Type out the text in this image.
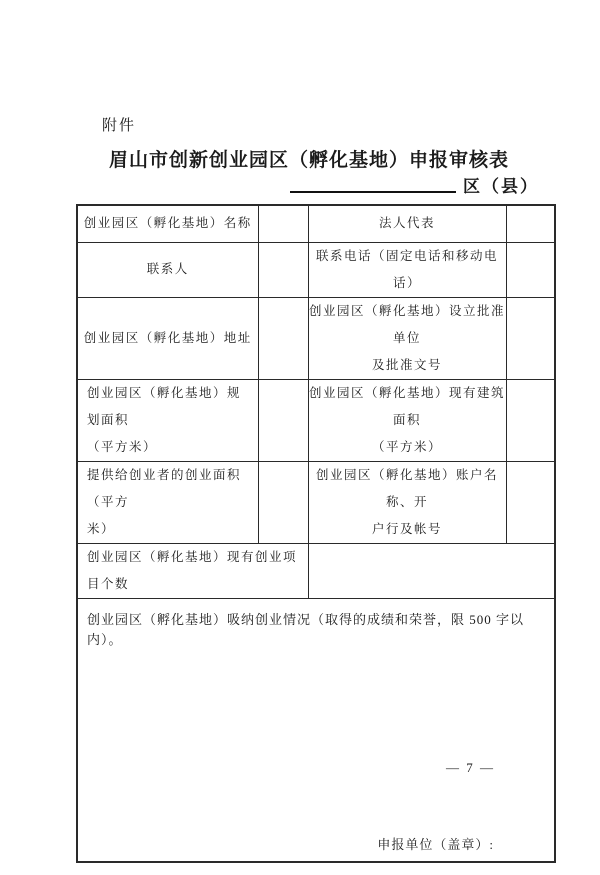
附件
眉山市创新创业园区（孵化基地）申报审核表
区（县）
创业园区（孵化基地）名称		法人代表	
联系人		联系电话（固定电话和移动电话）	
创业园区（孵化基地）地址		创业园区（孵化基地）设立批准单位
及批准文号	
创业园区（孵化基地）规划面积
（平方米）		创业园区（孵化基地）现有建筑面积
（平方米）	
提供给创业者的创业面积（平方
米）		创业园区（孵化基地）账户名称、开
户行及帐号	
创业园区（孵化基地）现有创业项目个数			

创业园区（孵化基地）吸纳创业情况（取得的成绩和荣誉，限 500 字以内）。
申报单位（盖章）:			
— 7 —
